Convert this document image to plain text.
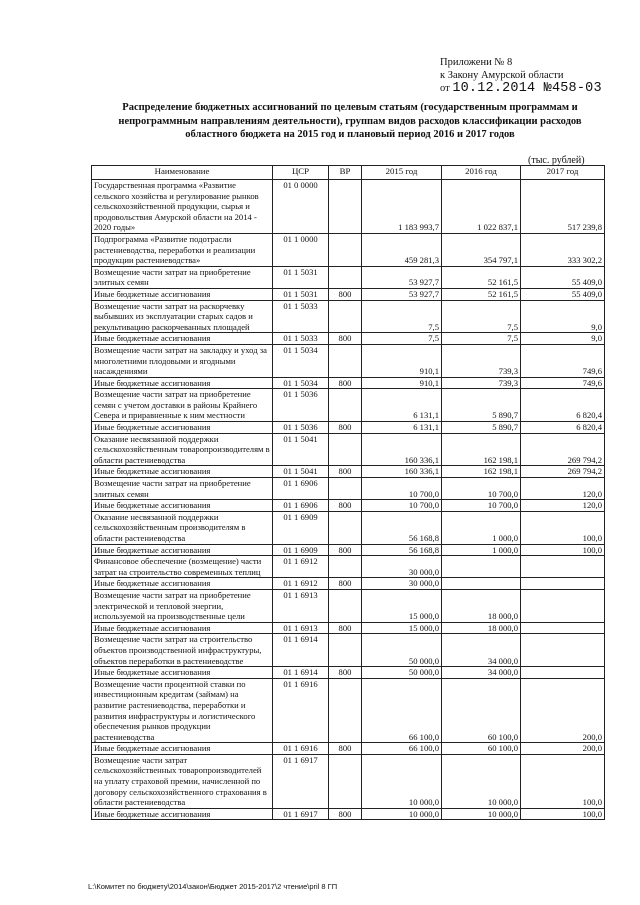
Приложени № 8
к Закону Амурской области
от 10.12.2014 №458-03
Распределение бюджетных ассигнований по целевым статьям (государственным программам и непрограммным направлениям деятельности), группам видов расходов классификации расходов областного бюджета на 2015 год и плановый период 2016 и 2017 годов
(тыс. рублей)
Наименование	ЦСР	ВР	2015 год	2016 год	2017 год
Государственная программа «Развитие сельского хозяйства и регулирование рынков сельскохозяйственной продукции, сырья и продовольствия Амурской области на 2014 - 2020 годы»	01 0 0000		1 183 993,7	1 022 837,1	517 239,8
Подпрограмма «Развитие подотрасли растениеводства, переработки и реализации продукции растениеводства»	01 1 0000		459 281,3	354 797,1	333 302,2
Возмещение части затрат на приобретение элитных семян	01 1 5031		53 927,7	52 161,5	55 409,0
Иные бюджетные ассигнования	01 1 5031	800	53 927,7	52 161,5	55 409,0
Возмещение части затрат на раскорчевку выбывших из эксплуатации старых садов и рекультивацию раскорчеванных площадей	01 1 5033		7,5	7,5	9,0
Иные бюджетные ассигнования	01 1 5033	800	7,5	7,5	9,0
Возмещение части затрат на закладку и уход за многолетними плодовыми и ягодными насаждениями	01 1 5034		910,1	739,3	749,6
Иные бюджетные ассигнования	01 1 5034	800	910,1	739,3	749,6
Возмещение части затрат на приобретение семян с учетом доставки в районы Крайнего Севера и приравненные к ним местности	01 1 5036		6 131,1	5 890,7	6 820,4
Иные бюджетные ассигнования	01 1 5036	800	6 131,1	5 890,7	6 820,4
Оказание несвязанной поддержки сельскохозяйственным товаропроизводителям в области растениеводства	01 1 5041		160 336,1	162 198,1	269 794,2
Иные бюджетные ассигнования	01 1 5041	800	160 336,1	162 198,1	269 794,2
Возмещение части затрат на приобретение элитных семян	01 1 6906		10 700,0	10 700,0	120,0
Иные бюджетные ассигнования	01 1 6906	800	10 700,0	10 700,0	120,0
Оказание несвязанной поддержки сельскохозяйственным производителям в области растениеводства	01 1 6909		56 168,8	1 000,0	100,0
Иные бюджетные ассигнования	01 1 6909	800	56 168,8	1 000,0	100,0
Финансовое обеспечение (возмещение) части затрат на строительство современных теплиц	01 1 6912		30 000,0		
Иные бюджетные ассигнования	01 1 6912	800	30 000,0		
Возмещение части затрат на приобретение электрической и тепловой энергии, используемой на производственные цели	01 1 6913		15 000,0	18 000,0	
Иные бюджетные ассигнования	01 1 6913	800	15 000,0	18 000,0	
Возмещение части затрат на строительство объектов производственной инфраструктуры, объектов переработки в растениеводстве	01 1 6914		50 000,0	34 000,0	
Иные бюджетные ассигнования	01 1 6914	800	50 000,0	34 000,0	
Возмещение части процентной ставки по инвестиционным кредитам (займам) на развитие растениеводства, переработки и развития инфраструктуры и логистического обеспечения рынков продукции растениеводства	01 1 6916		66 100,0	60 100,0	200,0
Иные бюджетные ассигнования	01 1 6916	800	66 100,0	60 100,0	200,0
Возмещение части затрат сельскохозяйственных товаропроизводителей на уплату страховой премии, начисленной по договору сельскохозяйственного страхования в области растениеводства	01 1 6917		10 000,0	10 000,0	100,0
Иные бюджетные ассигнования	01 1 6917	800	10 000,0	10 000,0	100,0
L:\Комитет по бюджету\2014\закон\Бюджет 2015-2017\2 чтение\pril 8 ГП
